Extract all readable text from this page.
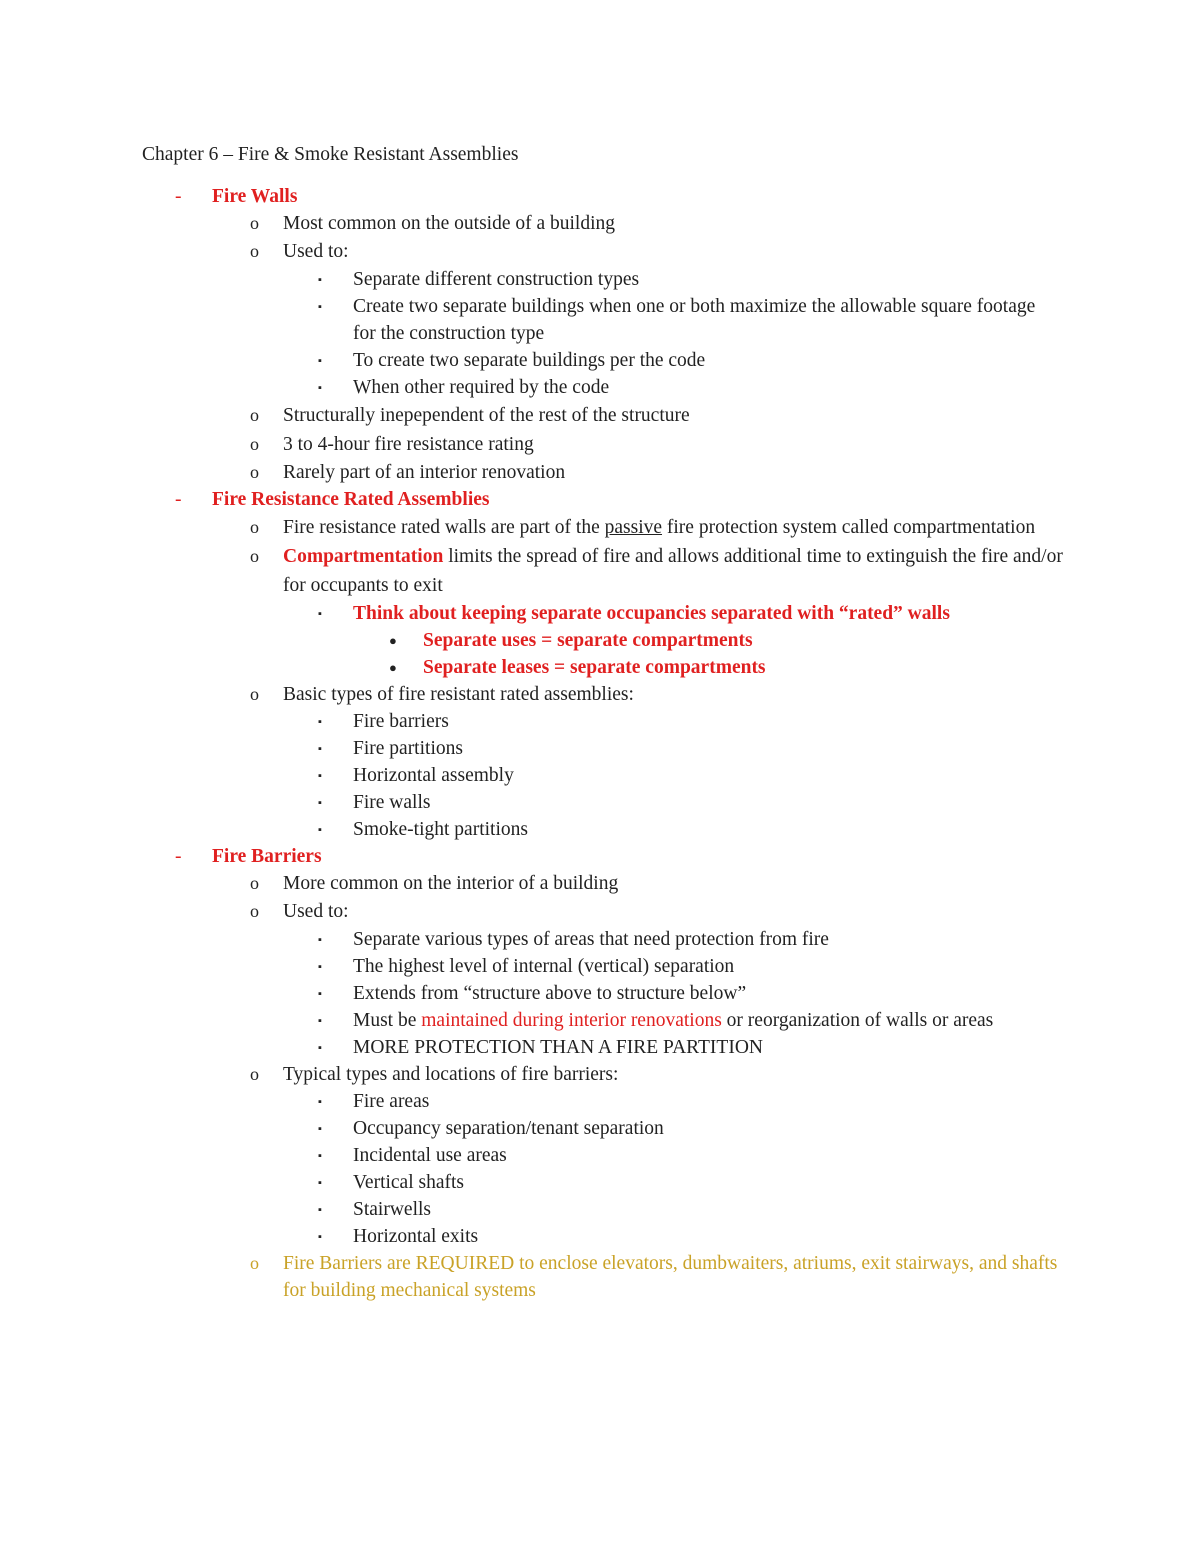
Chapter 6 – Fire & Smoke Resistant Assemblies
- Fire Walls
o Most common on the outside of a building
o Used to:
▪ Separate different construction types
▪ Create two separate buildings when one or both maximize the allowable square footage for the construction type
▪ To create two separate buildings per the code
▪ When other required by the code
o Structurally inepependent of the rest of the structure
o 3 to 4-hour fire resistance rating
o Rarely part of an interior renovation
- Fire Resistance Rated Assemblies
o Fire resistance rated walls are part of the passive fire protection system called compartmentation
o Compartmentation limits the spread of fire and allows additional time to extinguish the fire and/or for occupants to exit
▪ Think about keeping separate occupancies separated with “rated” walls
● Separate uses = separate compartments
● Separate leases = separate compartments
o Basic types of fire resistant rated assemblies:
▪ Fire barriers
▪ Fire partitions
▪ Horizontal assembly
▪ Fire walls
▪ Smoke-tight partitions
- Fire Barriers
o More common on the interior of a building
o Used to:
▪ Separate various types of areas that need protection from fire
▪ The highest level of internal (vertical) separation
▪ Extends from “structure above to structure below”
▪ Must be maintained during interior renovations or reorganization of walls or areas
▪ MORE PROTECTION THAN A FIRE PARTITION
o Typical types and locations of fire barriers:
▪ Fire areas
▪ Occupancy separation/tenant separation
▪ Incidental use areas
▪ Vertical shafts
▪ Stairwells
▪ Horizontal exits
o Fire Barriers are REQUIRED to enclose elevators, dumbwaiters, atriums, exit stairways, and shafts for building mechanical systems
